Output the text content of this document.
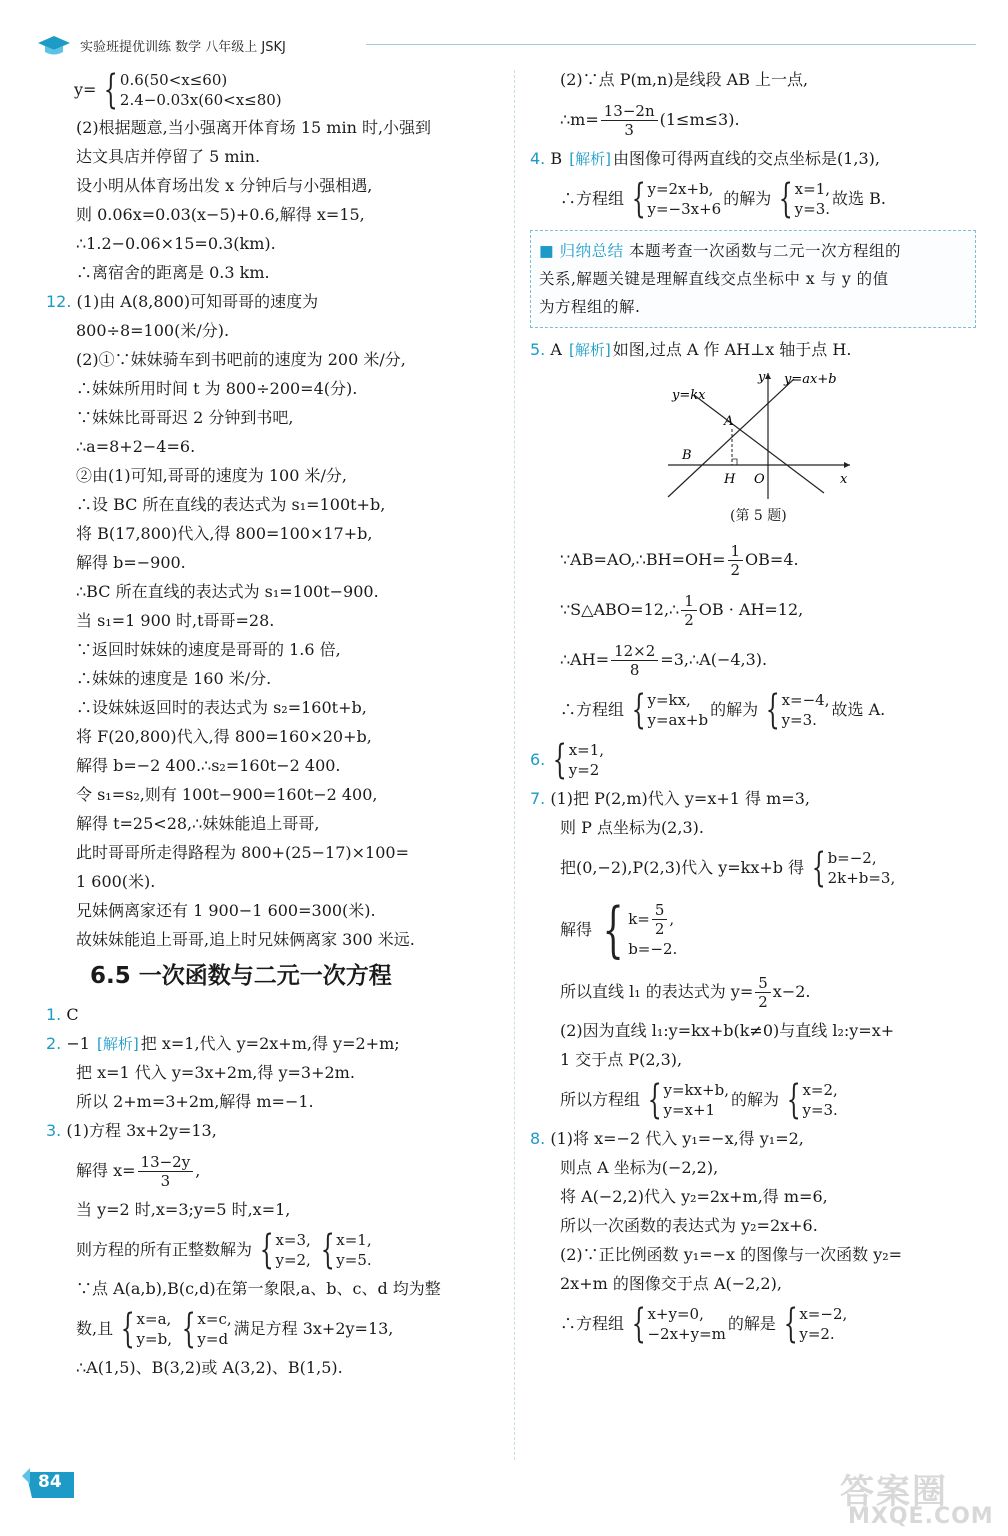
实验班提优训练 数学 八年级上 JSKJ
y= { 0.6(50<x≤60)
2.4−0.03x(60<x≤80)
(2)根据题意,当小强离开体育场 15 min 时,小强到
达文具店并停留了 5 min.
设小明从体育场出发 x 分钟后与小强相遇,
则 0.06x=0.03(x−5)+0.6,解得 x=15,
∴1.2−0.06×15=0.3(km).
∴离宿舍的距离是 0.3 km.
12. (1)由 A(8,800)可知哥哥的速度为
800÷8=100(米/分).
(2)①∵妹妹骑车到书吧前的速度为 200 米/分,
∴妹妹所用时间 t 为 800÷200=4(分).
∵妹妹比哥哥迟 2 分钟到书吧,
∴a=8+2−4=6.
②由(1)可知,哥哥的速度为 100 米/分,
∴设 BC 所在直线的表达式为 s₁=100t+b,
将 B(17,800)代入,得 800=100×17+b,
解得 b=−900.
∴BC 所在直线的表达式为 s₁=100t−900.
当 s₁=1 900 时,t哥哥=28.
∵返回时妹妹的速度是哥哥的 1.6 倍,
∴妹妹的速度是 160 米/分.
∴设妹妹返回时的表达式为 s₂=160t+b,
将 F(20,800)代入,得 800=160×20+b,
解得 b=−2 400.∴s₂=160t−2 400.
令 s₁=s₂,则有 100t−900=160t−2 400,
解得 t=25<28,∴妹妹能追上哥哥,
此时哥哥所走得路程为 800+(25−17)×100=
1 600(米).
兄妹俩离家还有 1 900−1 600=300(米).
故妹妹能追上哥哥,追上时兄妹俩离家 300 米远.
6.5 一次函数与二元一次方程
1. C
2. −1 [解析] 把 x=1,代入 y=2x+m,得 y=2+m;
把 x=1 代入 y=3x+2m,得 y=3+2m.
所以 2+m=3+2m,解得 m=−1.
3. (1)方程 3x+2y=13,
解得 $x= \frac{13-2y}{3}$ ,
当 y=2 时,x=3;y=5 时,x=1,
则方程的所有正整数解为 { x=3,
y=2, { x=1,
y=5.
∵点 A(a,b),B(c,d)在第一象限,a、b、c、d 均为整
数,且 { x=a,
y=b, { x=c,
y=d
满足方程 3x+2y=13,
∴A(1,5)、B(3,2)或 A(3,2)、B(1,5).
(2)∵点 P(m,n)是线段 AB 上一点,
∴m= $\frac{13-2n}{3} (1\le m\le 3)$.
4. B [解析] 由图像可得两直线的交点坐标是(1,3),
∴方程组 { y=2x+b,
y=−3x+6
的解为 { x=1,
y=3.
故选 B.
■ 归纳总结 本题考查一次函数与二元一次方程组的
关系,解题关键是理解直线交点坐标中 x 与 y 的值
为方程组的解.
5. A [解析] 如图,过点 A 作 AH⊥x 轴于点 H.
y
x
y=ax+b
y=kx
A
B
H O
(第 5 题)
∵AB=AO,∴BH=OH= $\frac{1}{2} OB=4$.
∵S△ABO=12,∴ $\frac{1}{2}$ OB · AH=12,
∴AH= $\frac{12\times 2}{8}$ =3,∴A(−4,3).
∴方程组 { y=kx,
y=ax+b
的解为 { x=−4,
y=3.
故选 A.
6. { x=1,
y=2
7. (1)把 P(2,m)代入 y=x+1 得 m=3,
则 P 点坐标为(2,3).
把(0,−2),P(2,3)代入 y=kx+b 得 { b=−2,
2k+b=3,
解得 { $k= \frac{5}{2}$ ,
b=−2.
所以直线 l₁ 的表达式为 $y= \frac{5}{2} x-2$.
(2)因为直线 l₁:y=kx+b(k≠0)与直线 l₂:y=x+
1 交于点 P(2,3),
所以方程组 { y=kx+b,
y=x+1
的解为 { x=2,
y=3.
8. (1)将 x=−2 代入 y₁=−x,得 y₁=2,
则点 A 坐标为(−2,2),
将 A(−2,2)代入 y₂=2x+m,得 m=6,
所以一次函数的表达式为 y₂=2x+6.
(2)∵正比例函数 y₁=−x 的图像与一次函数 y₂=
2x+m 的图像交于点 A(−2,2),
∴方程组 { x+y=0,
−2x+y=m
的解是 { x=−2,
y=2.
84	答案圈
MXQE.COM
